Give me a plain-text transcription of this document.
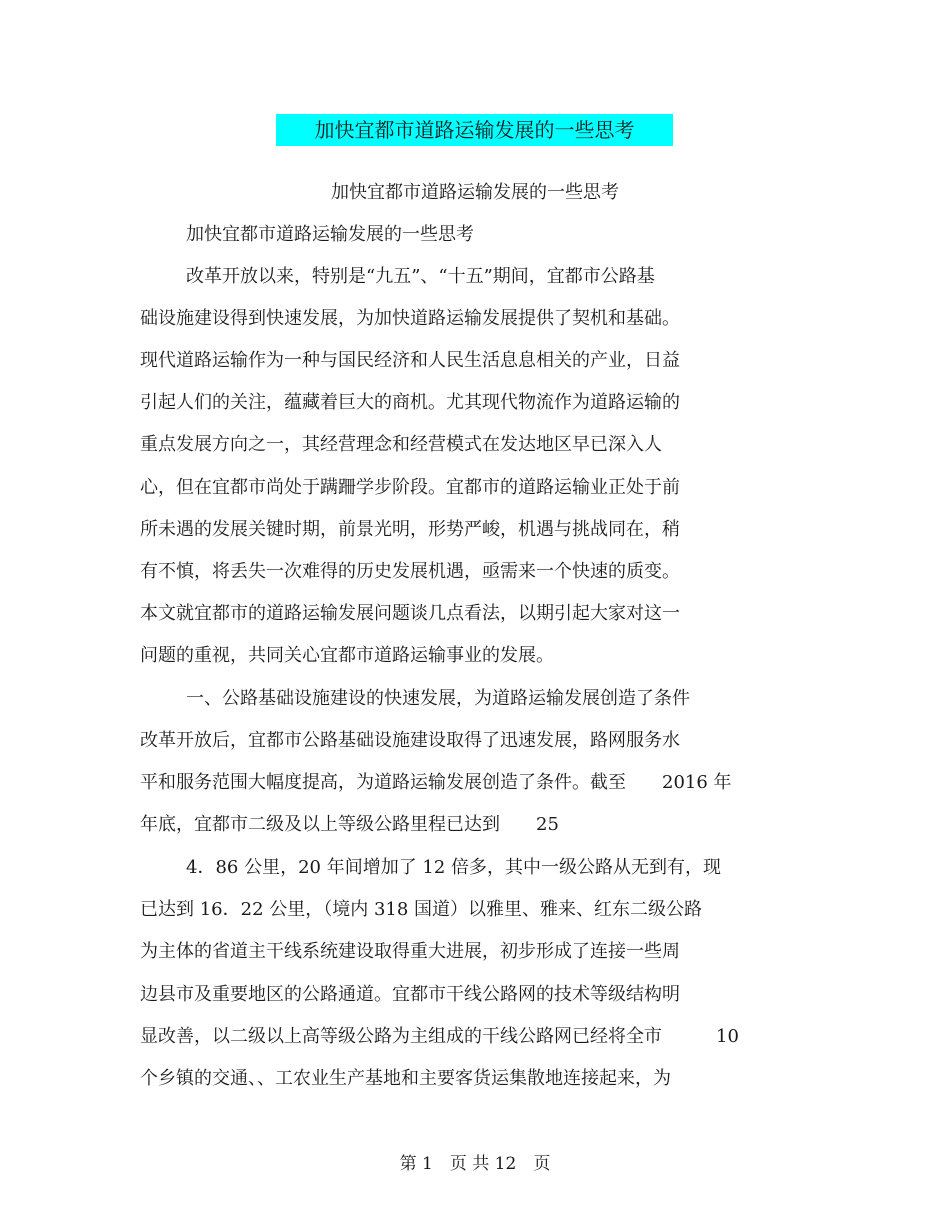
加快宜都市道路运输发展的一些思考
加快宜都市道路运输发展的一些思考
加快宜都市道路运输发展的一些思考
改革开放以来，特别是“九五”、“十五”期间，宜都市公路基
础设施建设得到快速发展，为加快道路运输发展提供了契机和基础。
现代道路运输作为一种与国民经济和人民生活息息相关的产业，日益
引起人们的关注，蕴藏着巨大的商机。尤其现代物流作为道路运输的
重点发展方向之一，其经营理念和经营模式在发达地区早已深入人
心，但在宜都市尚处于蹒跚学步阶段。宜都市的道路运输业正处于前
所未遇的发展关键时期，前景光明，形势严峻，机遇与挑战同在，稍
有不慎，将丢失一次难得的历史发展机遇，亟需来一个快速的质变。
本文就宜都市的道路运输发展问题谈几点看法，以期引起大家对这一
问题的重视，共同关心宜都市道路运输事业的发展。
一、公路基础设施建设的快速发展，为道路运输发展创造了条件
改革开放后，宜都市公路基础设施建设取得了迅速发展，路网服务水
平和服务范围大幅度提高，为道路运输发展创造了条件。截至　　2016 年
年底，宜都市二级及以上等级公路里程已达到　　25
4．86 公里，20 年间增加了 12 倍多，其中一级公路从无到有，现
已达到 16．22 公里，（境内 318 国道）以雅里、雅来、红东二级公路
为主体的省道主干线系统建设取得重大进展，初步形成了连接一些周
边县市及重要地区的公路通道。宜都市干线公路网的技术等级结构明
显改善，以二级以上高等级公路为主组成的干线公路网已经将全市　　　10
个乡镇的交通、、工农业生产基地和主要客货运集散地连接起来，为
第 1　页 共 12　页
